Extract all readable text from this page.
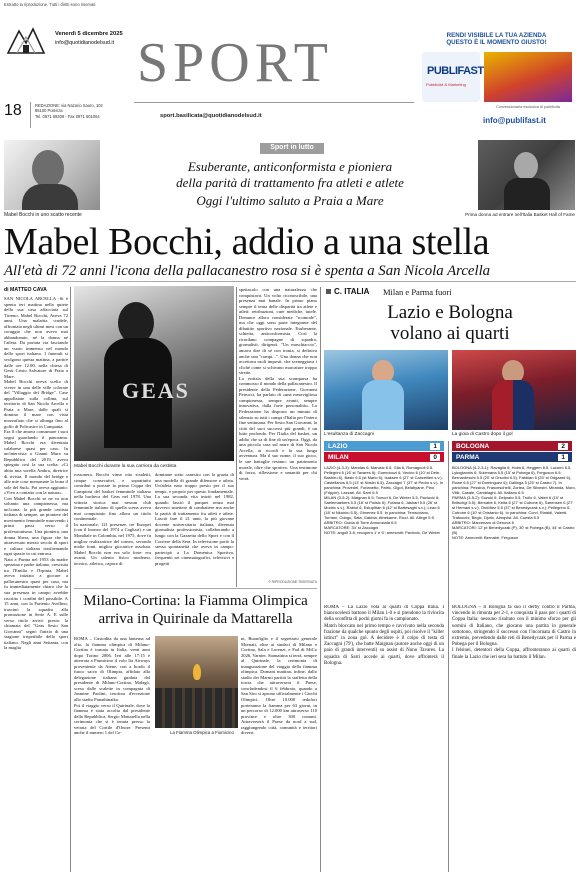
Estratto la riproduzione. Tutti i diritti sono riservati
Venerdì 5 dicembre 2025
info@quotidianodelsud.it
18	REDAZIONE: via Nazario Sauro, 102
85100 Potenza
Tel. 0971 69309 - Fax 0971 601064
SPORT
sport.basilicata@quotidianodelsud.it
RENDI VISIBILE LA TUA AZIENDA
QUESTO È IL MOMENTO GIUSTO!
PUBLIFAST
Pubblicità & Marketing
Concessionaria esclusiva di pubblicità
info@publifast.it
Mabel Bocchi in uno scatto recente
Sport in lutto
Esuberante, anticonformista e pioniera
della parità di trattamento fra atleti e atlete
Oggi l'ultimo saluto a Praia a Mare
Prima donna ad entrare nell'Italia Basket Hall of Fame
Mabel Bocchi, addio a una stella
All'età di 72 anni l'icona della pallacanestro rosa si è spenta a San Nicola Arcella
di MATTEO CAVA
SAN NICOLA ARCELLA -Si è spenta ieri mattina nella quiete della sua casa affacciata sul Tirreno, Mabel Bocchi, Aveva 72 anni. Una malattia crudele, affrontata negli ultimi mesi con un coraggio che non aveva mai abbandonato, né la donna né l'atleta. Da portata via lasciando un vuoto immenso nel mondo dello sport italiano. I funerali si svolgono questa mattina, a partire dalle ore 12.00, nella chiesa di Gesù Cristo Salvatore di Praia a Mare.
Mabel Bocchi aveva scelto di vivere in una delle ville colorate del "Villaggio del Bridge". Case appollaiate sulla collina, sul territorio di San Nicola Arcella e Praia a Mare, dalle quali si domina il mare con vista mozzafiato che si allunga fino al golfo di Policastro in Campania.
Era lì che amava consumare i suoi sogni guardando il panorama. Mabel Bocchi era diventata calabrese quasi per caso. In un'intervista a Gianni Mura su Repubblica del 2019, aveva spiegato così la sua scelta: «Ci abita mia sorella Ambra, diretrice di rivista. Il mondo del bridge e alle mie cose menomate la bona il sole del Sud». Poi aveva aggiunto: «Vivo a contatto con la natura».
Con Mabel Bocchi se ne va non soltanto una campionessa, ma un'icona: la più grande cestista italiana di sempre, un pioniere del movimento femminile muovendo i primi passi verso il professionismo. Una pioniera, una donna libera, una figura che ha attraversato mezzo secolo di sport e cultura italiana trasformando ogni spazio in cui entrava.
Nata a Parma nel 1953 da madre spezzina e padre italiano, cresciuta tra l'Emilia e l'Irpinia, Mabel aveva iniziato a giocare a pallacanestro quasi per caso, ma fu immediatamente chiaro che la sua presenza in campo avrebbe riscritto i confini del possibile. A 15 anni, con la Partenio Avellino, trascinò la squadra alla promozione in Serie A. E sulle verso titolo arrivò presto: la chiamata del "Geas Sesto San Giovanni" segnò l'inizio di una stagione irripetibile dello sport italiano. Negli anni Settanta, con la maglia
GEAS
Mabel Bocchi durante la sua carriera da cestista
rossonera, Bocchi vinse otto scudetti, cinque consecutivi, e soprattutto contribuì a portare la prima Coppa dei Campioni del basket femminile italiano nella bacheca del Geas nel 1978. Una vittoria storica mai nessun club femminile italiano di quella scena aveva mai conquistato fino allora un titolo continentale.
In nazionale, 121 presenze, tre Europei (con il bronzo del 1974 a Cagliari) e un Mondiale in Colombia, nel 1975, dove fu miglior realizzatrice del torneo, secondo molte fonti, miglior giocatrice assoluta. Mabel Bocchi non era solo forte: era avanti. Un talento fisico moderno, tecnico, atletico, capace di
dominare sotto canestro con la grazia di una modella di grande difensore e atleta. Un'atleta nata troppo presto per il suo tempo, e proprio per questo fondamentale. La sua seconda vita iniziò nel 1982, quando lasciò il parquet senza mai davvero smettere di combattere ma anche la parità di trattamento fra atleti e atlete. Lasciò fare il 21 anni, la più giovane docente universitaria italiana, divenuta giornalista professionista, collaborando a lungo con la Gazzetta dello Sport e con il Corriere della Sera. In televisione portò la stessa spontaneità che aveva in campo: partecipò a La Domenica Sportiva, frequentò set cinematografici, televisivi e progetti
spettacolo con una naturalezza che conquistava. Un volto riconoscibile, una presenza mai banale. In primo piano sempre il tema delle disparità tra atlete e atleti: retribuzioni, cure mediche, tutele. Denunce allora considerate "scomode", ma che oggi sono parte integrante del dibattito sportivo nazionale. Esuberante, schietta, anticonformista. Così la ricordano compagne di squadra, giornalisti, dirigenti. "Un maschiaccio", amava dire di sé con ironia, si definiva anche una "rompi...". Una donna che non accettava ruoli imposti, che sceneggiava i cliché come si schivano marcature troppo strette.
La notizia della sua scomparsa ha commosso il mondo della pallacanestro. Il presidente della Federazione, Giovanni Petrucci, ha parlato di «una meravigliosa campionessa, sempre avanti, sempre innovativa, dalla forte personalità». La Federazione ha disposto un minuto di silenzio su tutti i campi d'Italia per l'intero fine settimana. Per Sesto San Giovanni, la città del suoi successi più grandi, è un lutto profondo. Per l'Italia del basket, un addio che sa di fine di un'epoca. Oggi, da una piccola casa sul mare di San Nicola Arcella, ai ricordi e la sua lunga avventura. Ma il suo nome, il suo gioco, le sue battaglie restano: un patrimonio morale, oltre che sportivo. Una testimone di forza, riflessione e umanità per chi verrà.
© RIPRODUZIONE RISERVATA
Milano-Cortina: la Fiamma Olimpica
arriva in Quirinale da Mattarella
ROMA – Custodita da una lanterna ad olio, la fiamma olimpica di Milano-Cortina è tornata in Italia, venti anni dopo Torino 2006. Ieri alle 17:15 è atterrata a Fiumicino il volo Ita Airways proveniente da Atene, con a bordo il fuoco sacro di Olimpia, affidato alla delegazione italiana guidata dal presidente di Milano-Cortina, Malagò, sceso dalle scalette in compagnia di Jasmine Paolini, tesofora d'eccezione allo stadio Panathinaiko.
Poi il viaggio verso il Quirinale, dove la fiamma è stata accolta dal presidente della Repubblica, Sergio Mattarella nella cerimonia che si è tenuta presso la vetrata del Cortile d'Onore. Presenti anche il numero 1 del Co-	La Fiamma Olimpica a Fiumicino
ni, Buonfiglio e il segretario generale Mornati, oltre ai sindaci di Milano e Cortina, Sala e Lorenzi, e Fad di MiCo 2026, Varnier. Stamattina si terrà, sempre al Quirinale, la cerimonia di inaugurazione del viaggio della fiamma olimpica. Domani mattina, infine, dallo stadio dei Marmi partirà la staffetta della torcia che attraverserà il Paese, concludendosi il 6 febbraio, quando a San Siro si aprono ufficialmente i Giochi Olimpici. Oltre 10.000 tedofori porteranno la fiamma per 63 giorni, in un percorso di 12.000 km attraverso 110 province e oltre 300 comuni. Attraverserà il Paese da nord a sud, raggiungendo città, comunità e territori diversi.
C. ITALIA Milan e Parma fuori
Lazio e Bologna
volano ai quarti
L'esultanza di Zaccagni	La gioia di Castro dopo il gol
LAZIO	1
MILAN	0
BOLOGNA	2
PARMA	1
LAZIO (4-3-3): Mandas 6; Marusic 6.5, Gila 6, Romagnoli 6.5, Pellegrini 6 (16' st Tavares 6); Guendouzi 6, Vecino 6 (10' st Dele-Bashiru 6), Basic 6.5 (st Mario 6); Isaksen 6 (27' st Cancellieri s.v.), Castellanos 6.5 (13' st Noslin 6.5), Zaccagni 7 (37' st Pedro s.v.). In panchina: Provedel, Furlanetto, Patric, Gigot, Belahyane, Pino (Frippie). Lazzari. All. Sarri 6.5
MILAN (3-5-2): Maignan 6.5; Tomori 6, De Winter 5.5, Pavlović 6; Saelemaekers 5.5 (16' st Pulisic 6), Fofana 6, Jashari 5.5 (26' st Modric s.v.), Rabiot 6, Estupiñán 6 (42' st Bartesaghi s.v.); Leao 6 (18' st Nkunku 5.5), Gimenez 5.5. In panchina: Terracciano, Torriani, Odogu, Sala, Gabbia, Athekame, Ricci. All. Allegri 5.5
ARBITRO: Guida di Torre Annunziata 6.5
MARCATORE: 34' st Zaccagni
NOTE: angoli 3-6; recupero 1' e 5'; ammoniti: Pavlović, De Winter
BOLOGNA (4-2-3-1): Ravaglia 6; Holm 6, Heggem 6.5, Lucumí 6.5, Lykogiannis 6; Sulemana 5.5 (15' st Pobega 6), Ferguson 6.5; Bernardeschi 5.5 (20' st Orsolini 6.5), Fabbian 6 (25' st Odgaard 6), Rowe 6.5 (27' st Dominguez 6); Dallinga 5 (25' st Castro 7). In panchina: Pessina, Franceschelli, Zortea, De Silvestri, Miranda, Moro, Vitik, Casale, Cambiaghi. All. Italiano 6.5
PARMA (3-5-2): Suzuki 6; Delprato 5.5, Troilo 6, Valeri 6 (10' st Britschgi 5.5); Bernabé 6, Keita 6 (27' st Cutrone 6), Sørensen 6 (27' st Hernani s.v.), Ordóñez 5.5 (37' st Benedyczak s.v.); Pellegrino 6, Cutrone 6 (10' st Oristanio 6). In panchina: Corvi, Rinaldi, Valenti, Trabucchi, Begic, Djuric, Almqvist. All. Cuesta 5.5
ARBITRO: Marcenaro di Genova 6
MARCATORI: 12' pt Benedyczak (P), 30' st Pobega (B), 44' st Castro (B)
NOTE: Ammoniti: Bernabé, Ferguson
ROMA – La Lazio vola ai quarti di Coppa Italia. I biancocelesti battono il Milan 1-0 e si prendono la rivincita della sconfitta di pochi giorni fa in campionato.
Match bloccato nel primo tempo e ravvivato nella seconda frazione da qualche spunto degli ospiti, poi risolve il "killer istinct" in zona gol. A decidere è il colpo di testa di Zaccagni (79'), che batte Maignan (autore anche oggi di un paio di grandi interventi) su assist di Nuno Tavares. La squadra di Sarri accede ai quarti, dove affronterà il Bologna.
BOLOGNA – Il Bologna fa suo il derby contro il Parma, vincendo in rimonta per 2-1, e conquista il pass per i quarti di Coppa Italia: nessuno risultato con il minimo sforzo per gli uomini di Italiano, che giocano una partita in generale sottotono, stringendo il successo con l'incornata di Castro in extremis, prevedendo dalle reti di Benedyczak per il Parma e Pobega per il Bologna.
I felsinei, detentori della Coppa, affronteranno ai quarti di finale la Lazio che ieri sera ha battuto il Milan.
